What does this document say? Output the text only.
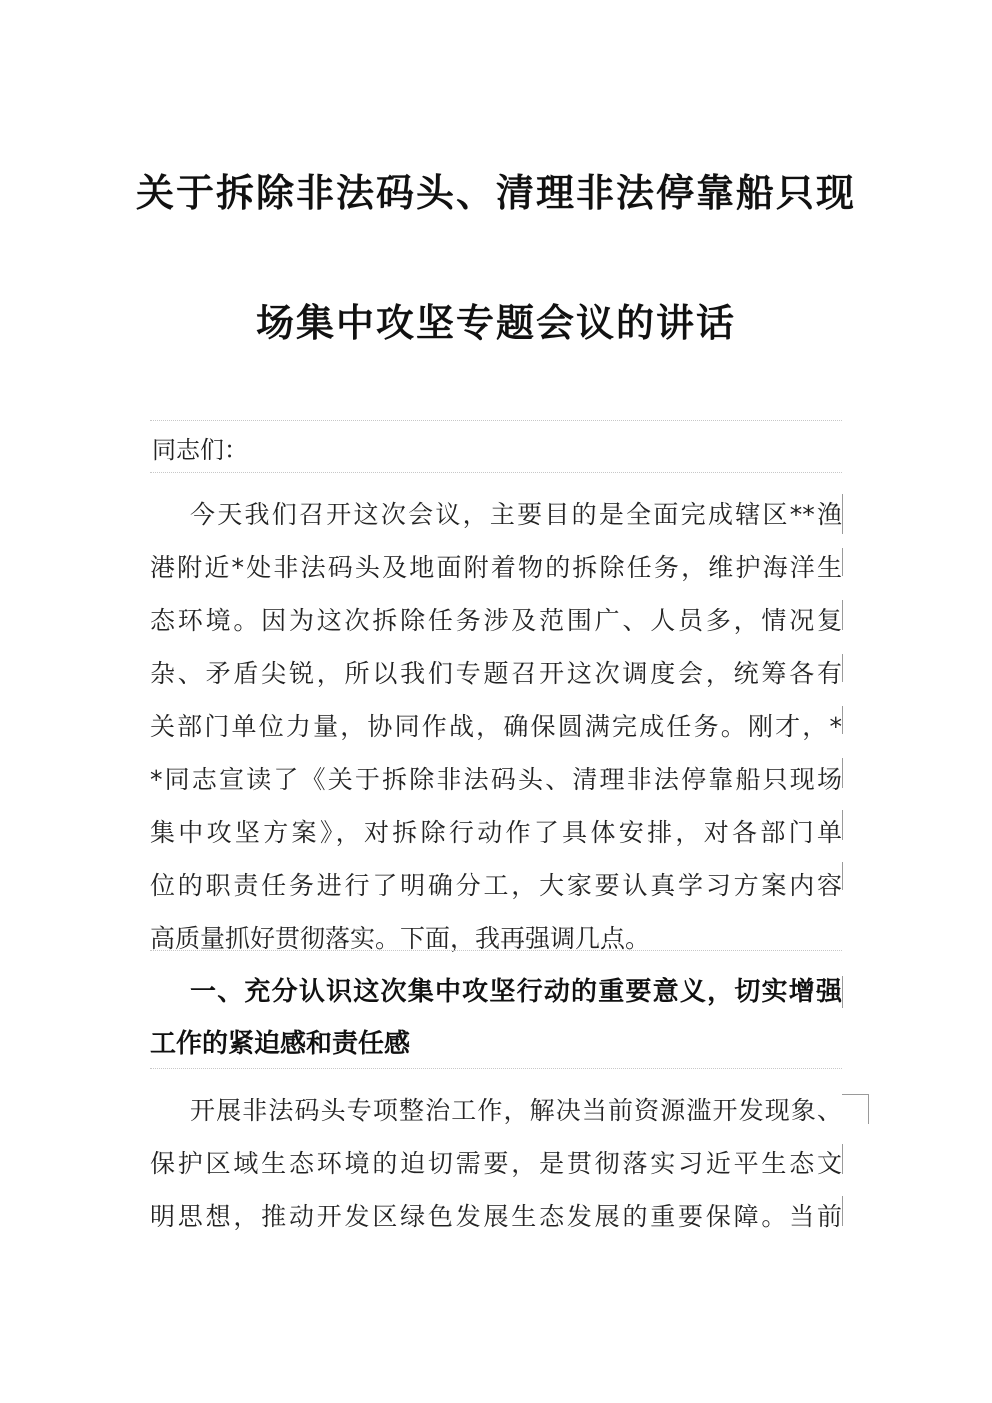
关于拆除非法码头、清理非法停靠船只现
场集中攻坚专题会议的讲话
同志们：
今天我们召开这次会议，主要目的是全面完成辖区**渔
港附近*处非法码头及地面附着物的拆除任务，维护海洋生
态环境。因为这次拆除任务涉及范围广、人员多，情况复
杂、矛盾尖锐，所以我们专题召开这次调度会，统筹各有
关部门单位力量，协同作战，确保圆满完成任务。刚才，*
*同志宣读了《关于拆除非法码头、清理非法停靠船只现场
集中攻坚方案》，对拆除行动作了具体安排，对各部门单
位的职责任务进行了明确分工，大家要认真学习方案内容
高质量抓好贯彻落实。下面，我再强调几点。
一、充分认识这次集中攻坚行动的重要意义，切实增强
工作的紧迫感和责任感
开展非法码头专项整治工作，解决当前资源滥开发现象、
保护区域生态环境的迫切需要，是贯彻落实习近平生态文
明思想，推动开发区绿色发展生态发展的重要保障。当前
